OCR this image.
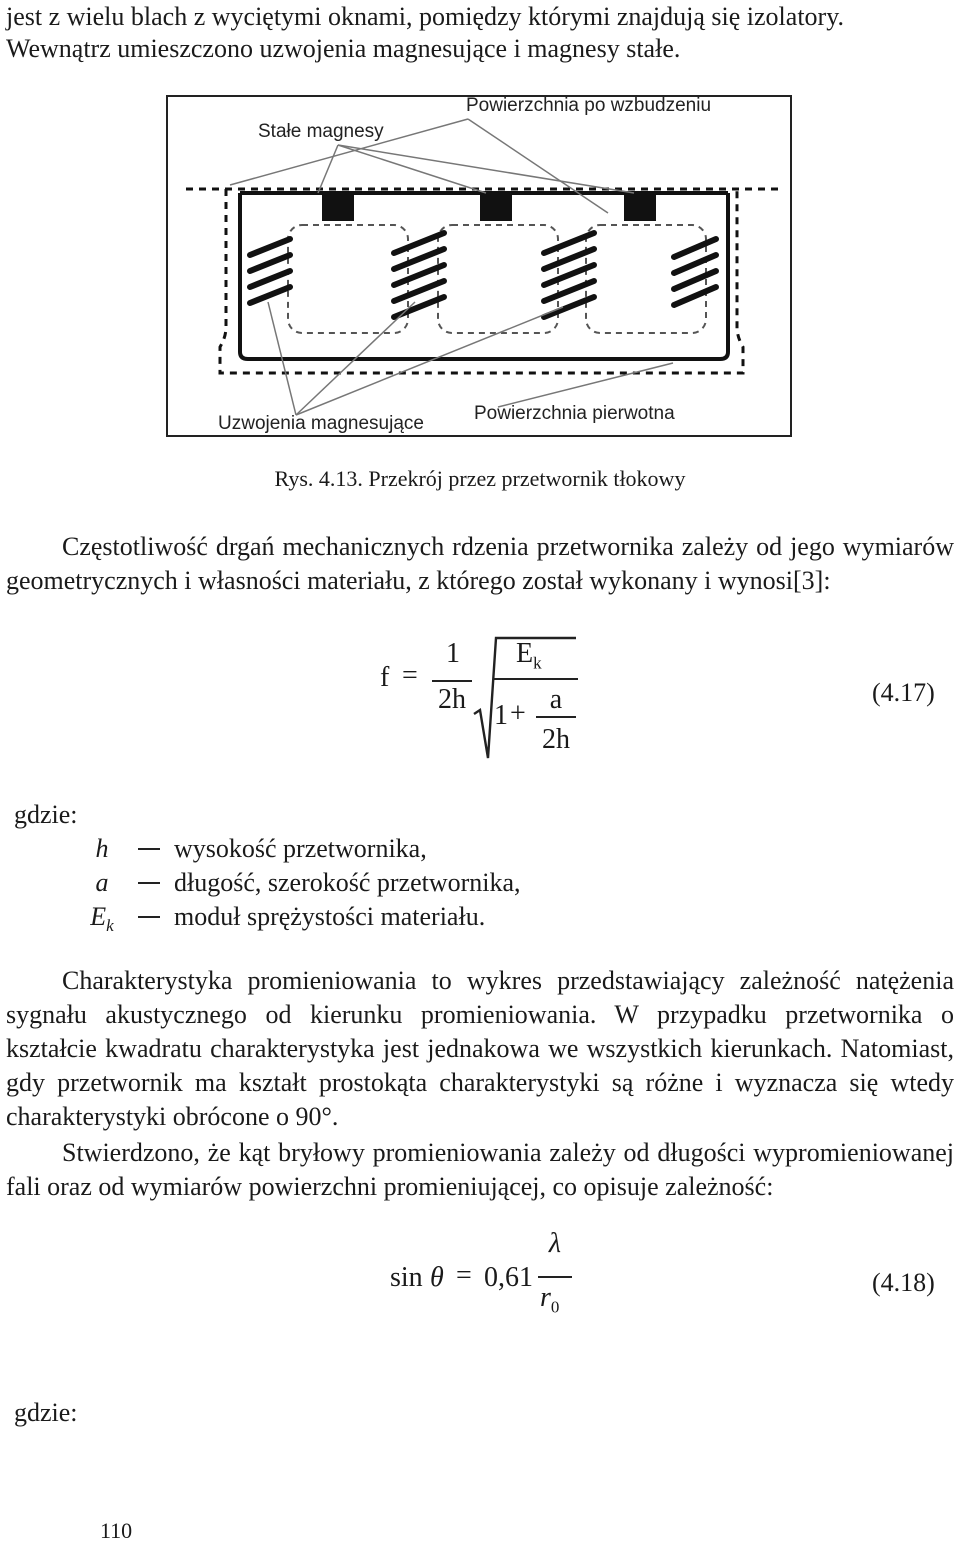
jest z wielu blach z wyciętymi oknami, pomiędzy którymi znajdują się izolatory.
Wewnątrz umieszczono uzwojenia magnesujące i magnesy stałe.
Powierzchnia po wzbudzeniu
Stałe magnesy
Uzwojenia magnesujące	Powierzchnia pierwotna
Rys. 4.13. Przekrój przez przetwornik tłokowy

Częstotliwość drgań mechanicznych rdzenia przetwornika zależy od jego wymiarów geometrycznych i własności materiału, z którego został wykonany i wynosi[3]:

f =
1
2h
$E_k$
1 + a
2h
(4.17)
gdzie:
h	wysokość przetwornika,
a	długość, szerokość przetwornika,
$E_k$	moduł sprężystości materiału.

Charakterystyka promieniowania to wykres przedstawiający zależność natężenia sygnału akustycznego od kierunku promieniowania. W przypadku przetwornika o kształcie kwadratu charakterystyka jest jednakowa we wszystkich kierunkach. Natomiast, gdy przetwornik ma kształt prostokąta charakterystyki są różne i wyznacza się wtedy charakterystyki obrócone o 90°.

Stwierdzono, że kąt bryłowy promieniowania zależy od długości wypromieniowanej fali oraz od wymiarów powierzchni promieniującej, co opisuje zależność:

sin θ = 0,61
λ
$r_0$
(4.18)
gdzie:
110
